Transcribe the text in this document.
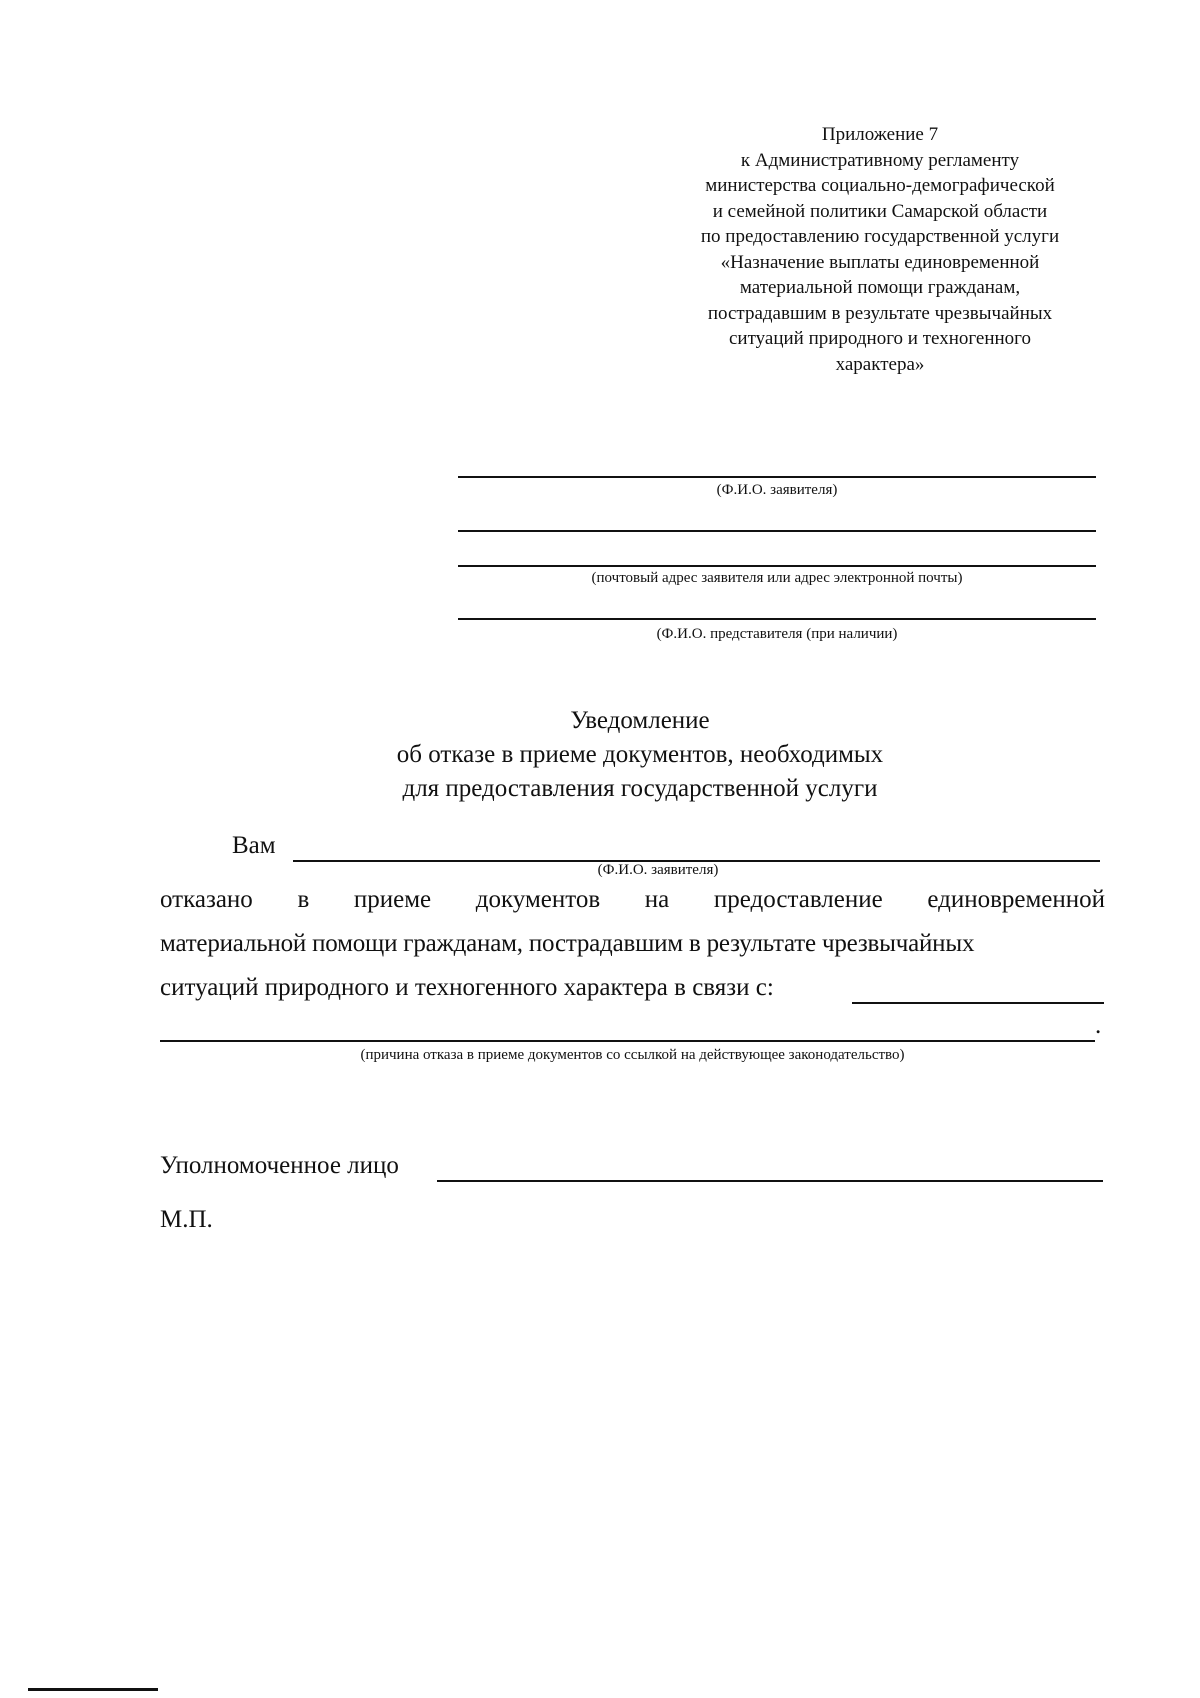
Приложение 7
к Административному регламенту
министерства социально-демографической
и семейной политики Самарской области
по предоставлению государственной услуги
«Назначение выплаты единовременной
материальной помощи гражданам,
пострадавшим в результате чрезвычайных
ситуаций природного и техногенного
характера»
(Ф.И.О. заявителя)
(почтовый адрес заявителя или адрес электронной почты)
(Ф.И.О. представителя (при наличии)
Уведомление
об отказе в приеме документов, необходимых
для предоставления государственной услуги
Вам
(Ф.И.О. заявителя)
отказано в приеме документов на предоставление единовременной
материальной помощи гражданам, пострадавшим в результате чрезвычайных
ситуаций природного и техногенного характера в связи с:
.
(причина отказа в приеме документов со ссылкой на действующее законодательство)
Уполномоченное лицо
М.П.
